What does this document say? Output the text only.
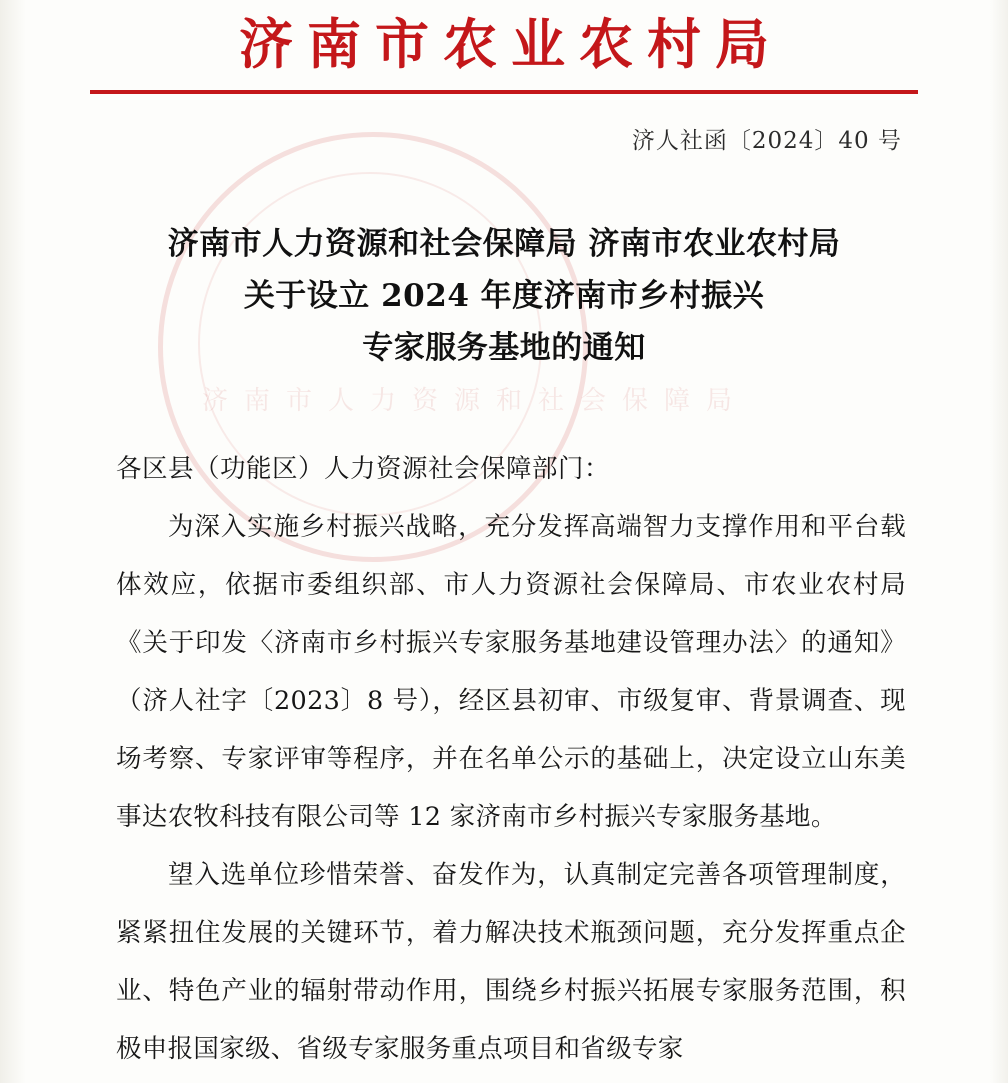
济南市农业农村局
济人社函〔2024〕40 号
济南市人力资源和社会保障局 济南市农业农村局
关于设立 2024 年度济南市乡村振兴
专家服务基地的通知
各区县（功能区）人力资源社会保障部门：

为深入实施乡村振兴战略，充分发挥高端智力支撑作用和平台载体效应，依据市委组织部、市人力资源社会保障局、市农业农村局《关于印发〈济南市乡村振兴专家服务基地建设管理办法〉的通知》（济人社字〔2023〕8 号），经区县初审、市级复审、背景调查、现场考察、专家评审等程序，并在名单公示的基础上，决定设立山东美事达农牧科技有限公司等 12 家济南市乡村振兴专家服务基地。

望入选单位珍惜荣誉、奋发作为，认真制定完善各项管理制度，紧紧扭住发展的关键环节，着力解决技术瓶颈问题，充分发挥重点企业、特色产业的辐射带动作用，围绕乡村振兴拓展专家服务范围，积极申报国家级、省级专家服务重点项目和省级专家
